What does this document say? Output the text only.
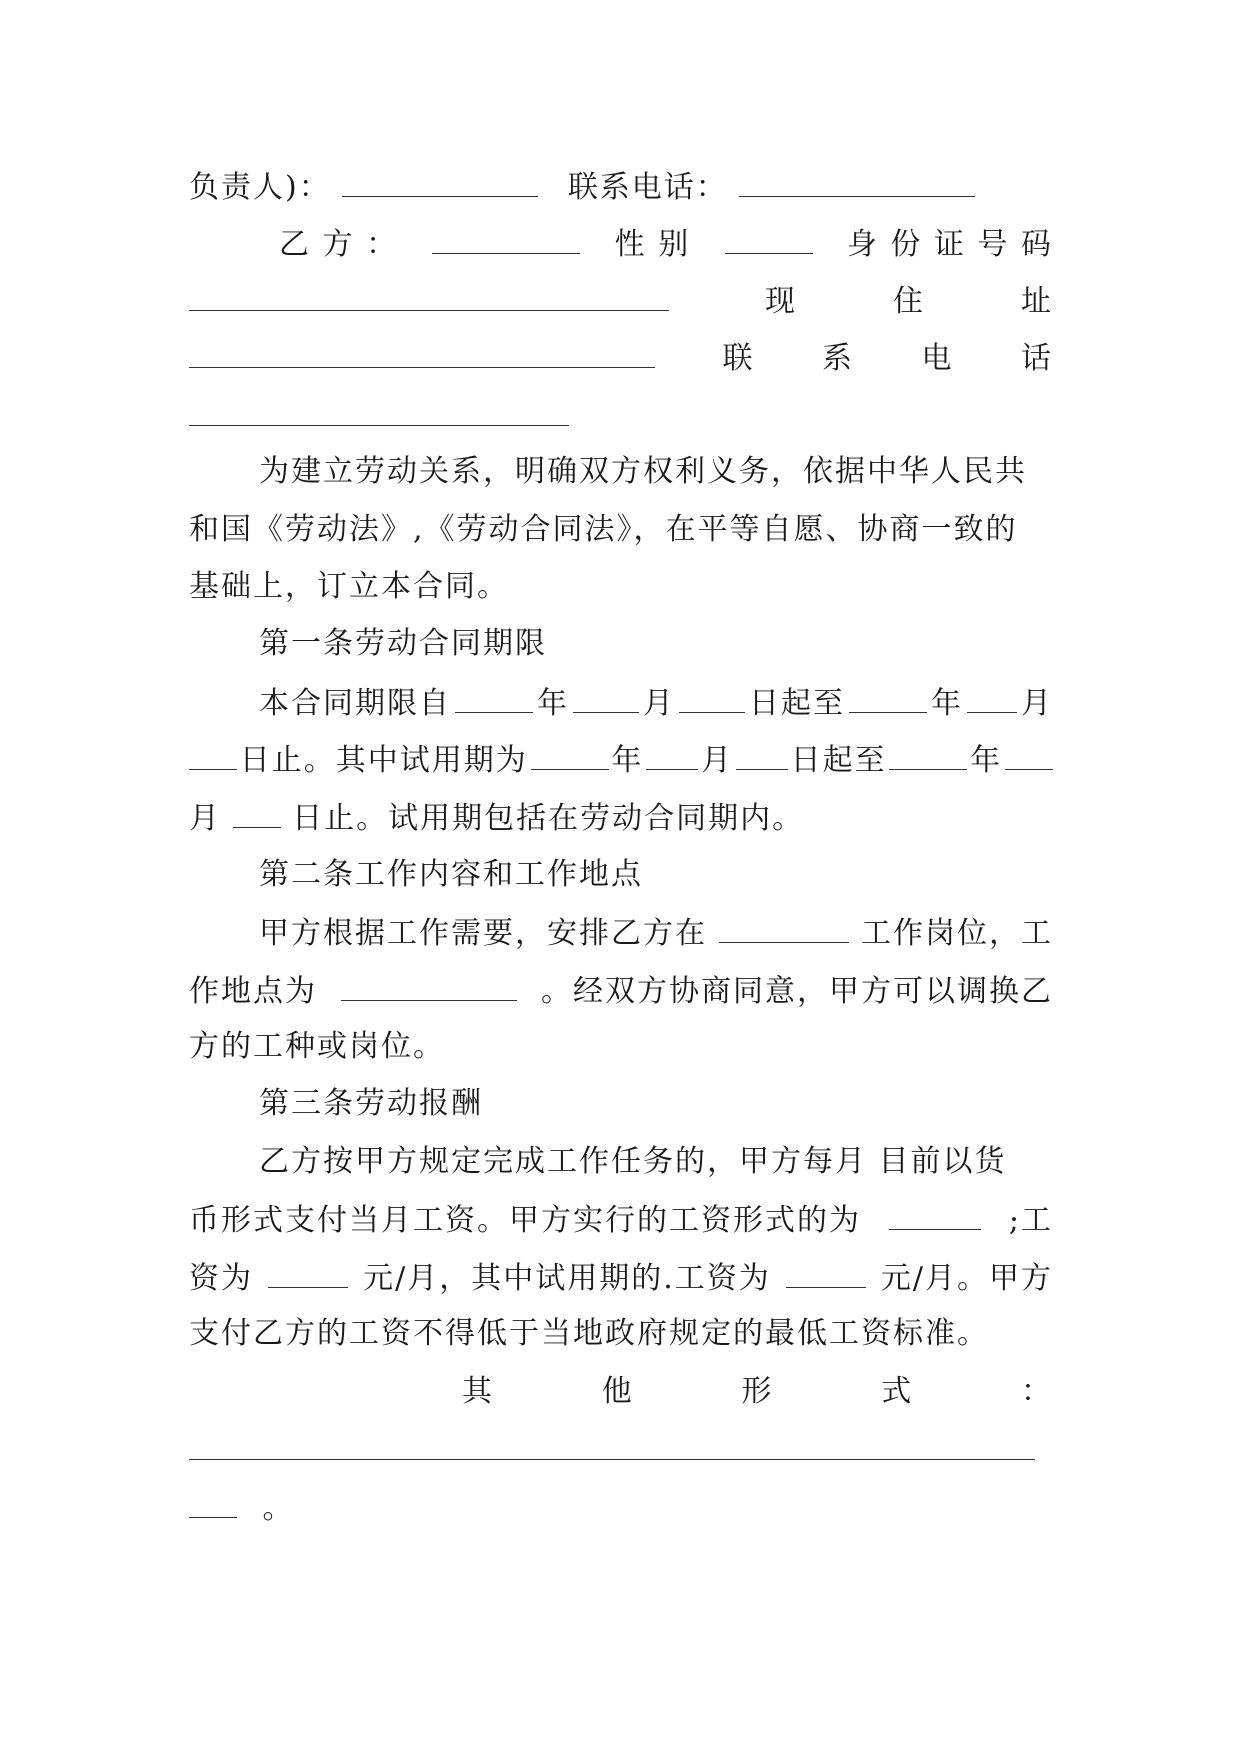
负责人)：	联系电话：
乙 方 ：	性 别	身 份 证 号 码
现	住	址
联 系 电 话
为建立劳动关系，明确双方权利义务，依据中华人民共
和国《劳动法》,《劳动合同法》，在平等自愿、协商一致的
基础上，订立本合同。
第一条劳动合同期限
本合同期限自	年 月 日起至	年 月
日止。其中试用期为	年 月 日起至	年
月 日止。试用期包括在劳动合同期内。
第二条工作内容和工作地点
甲方根据工作需要，安排乙方在	工作岗位，工
作地点为	。经双方协商同意，甲方可以调换乙
方的工种或岗位。
第三条劳动报酬
乙方按甲方规定完成工作任务的，甲方每月 目前以货
币形式支付当月工资。甲方实行的工资形式的为	;工
资为	元/月，其中试用期的.工资为	元/月。甲方
支付乙方的工资不得低于当地政府规定的最低工资标准。
其	他	形	式	：
。
